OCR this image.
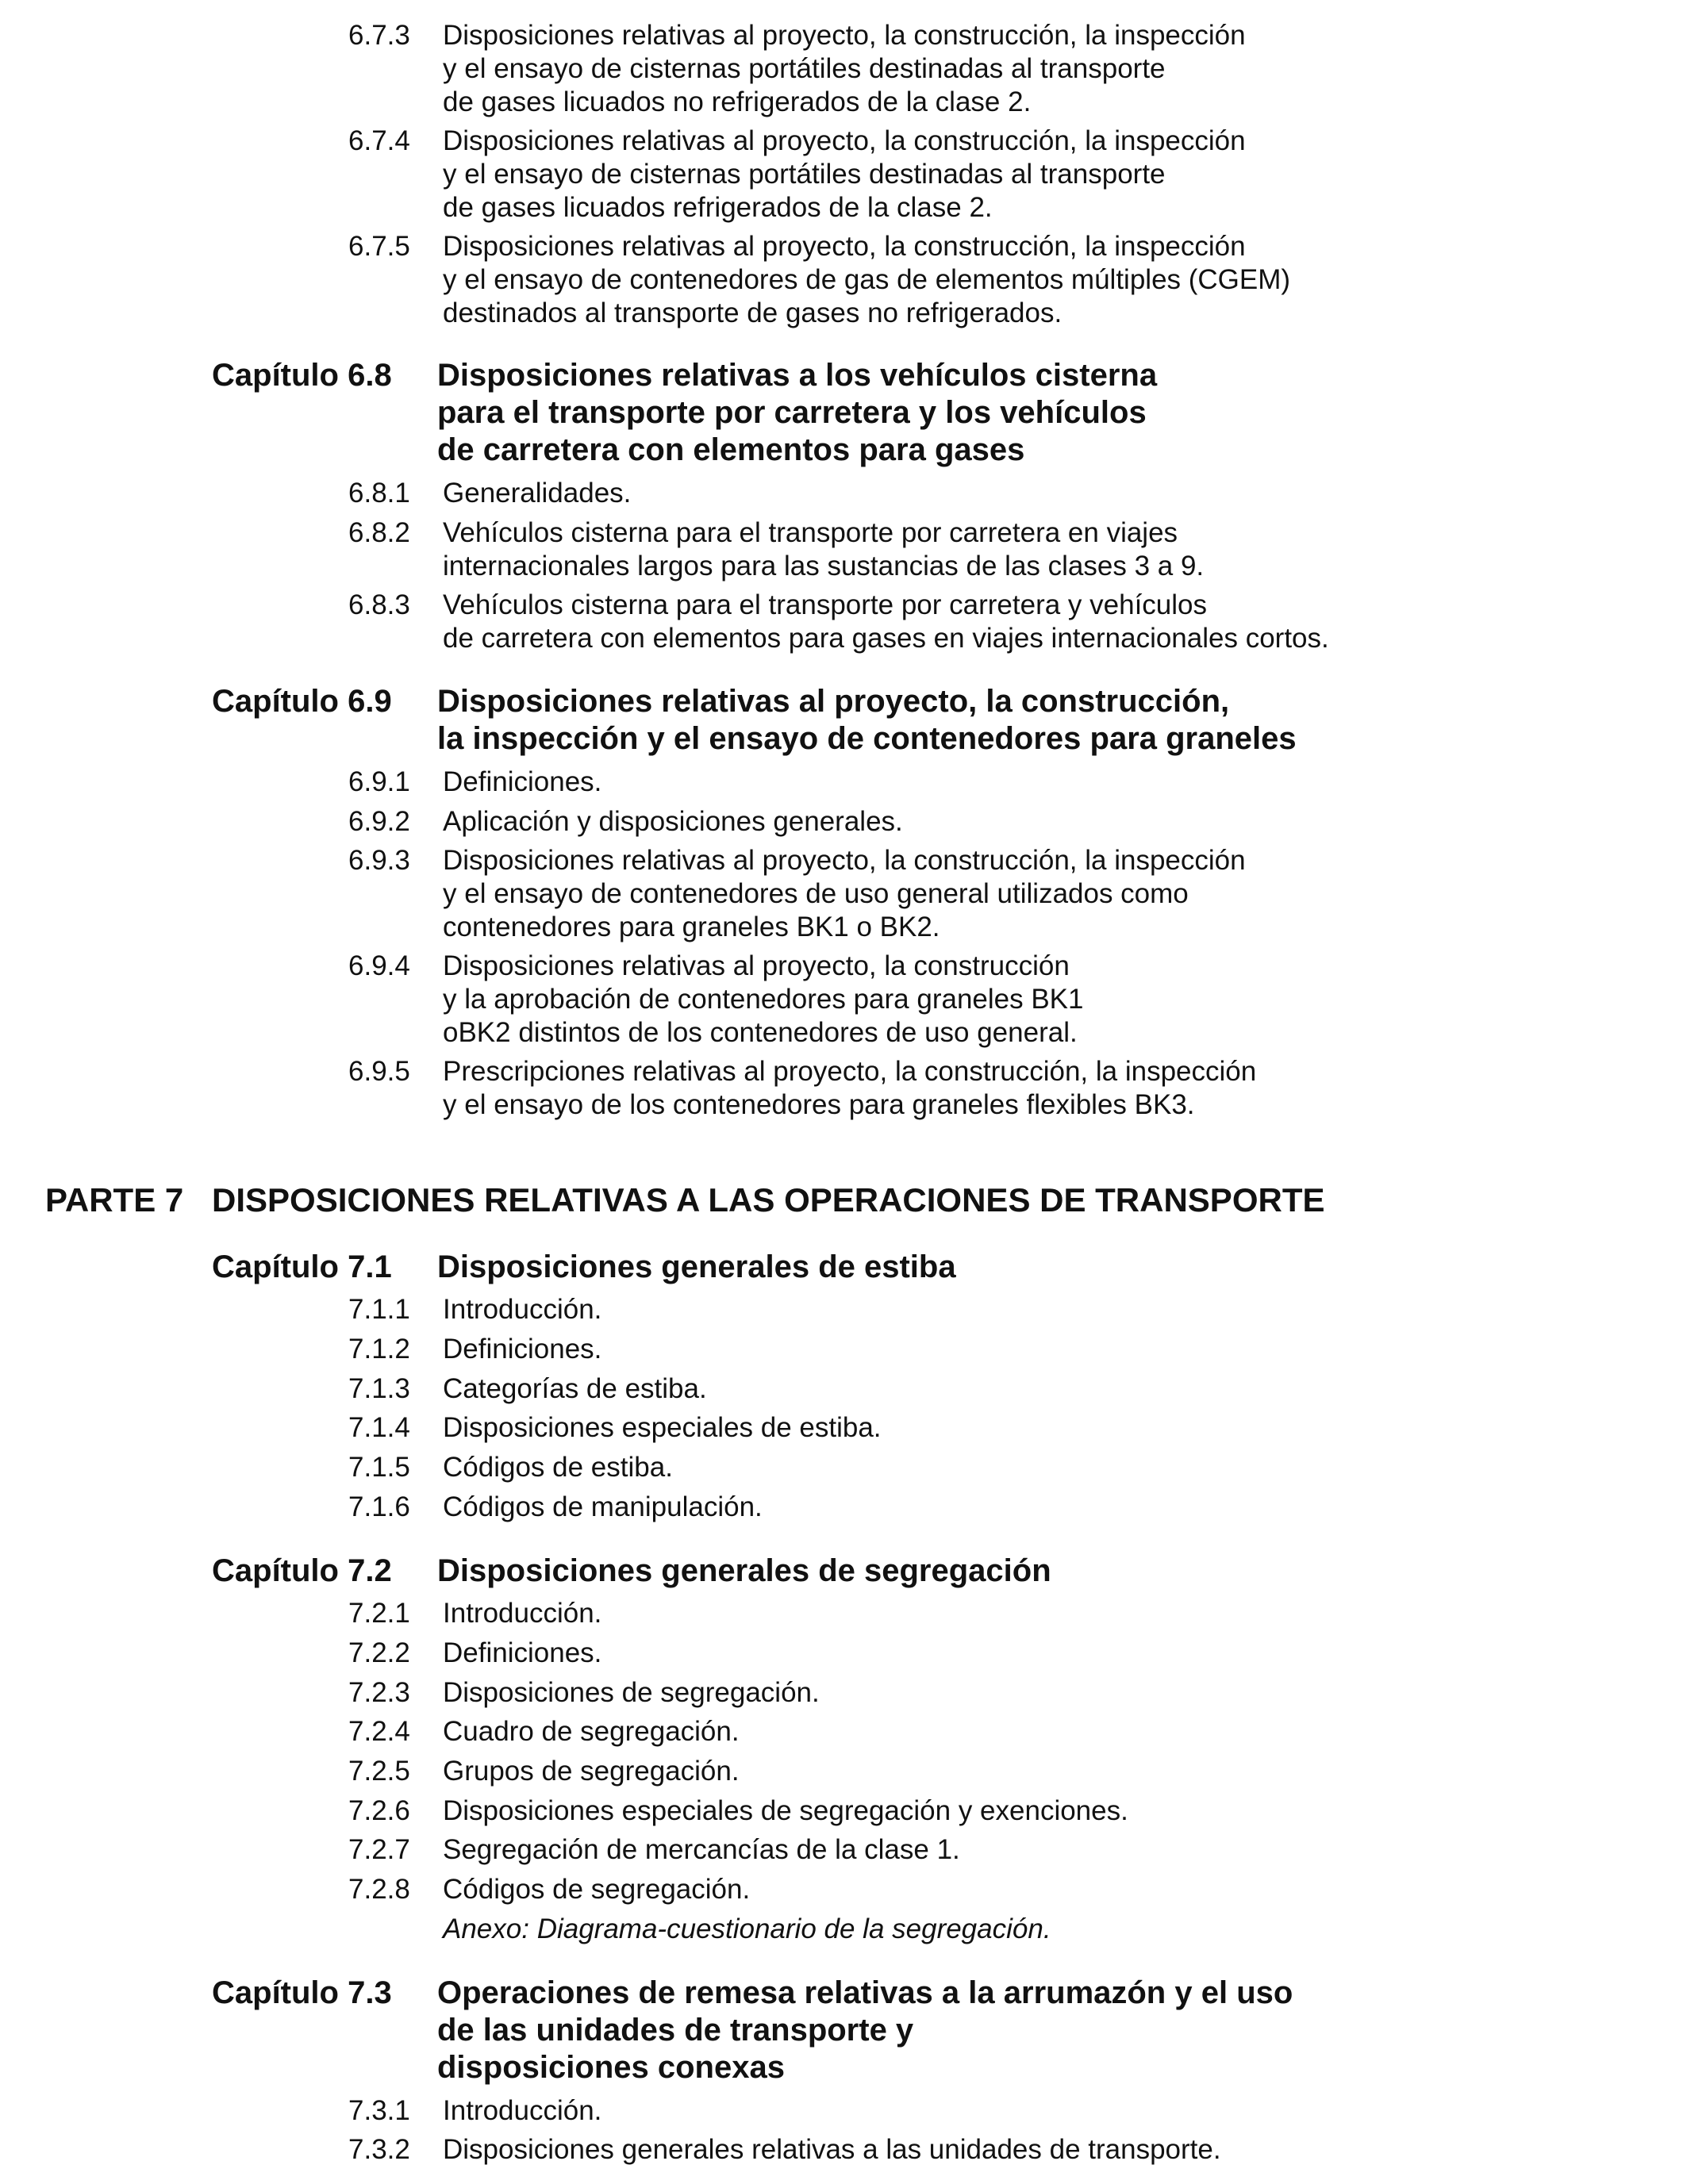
6.7.3 Disposiciones relativas al proyecto, la construcción, la inspección
y el ensayo de cisternas portátiles destinadas al transporte
de gases licuados no refrigerados de la clase 2.
6.7.4 Disposiciones relativas al proyecto, la construcción, la inspección
y el ensayo de cisternas portátiles destinadas al transporte
de gases licuados refrigerados de la clase 2.
6.7.5 Disposiciones relativas al proyecto, la construcción, la inspección
y el ensayo de contenedores de gas de elementos múltiples (CGEM)
destinados al transporte de gases no refrigerados.
Capítulo 6.8 Disposiciones relativas a los vehículos cisterna
para el transporte por carretera y los vehículos
de carretera con elementos para gases
6.8.1 Generalidades.
6.8.2 Vehículos cisterna para el transporte por carretera en viajes
internacionales largos para las sustancias de las clases 3 a 9.
6.8.3 Vehículos cisterna para el transporte por carretera y vehículos
de carretera con elementos para gases en viajes internacionales cortos.
Capítulo 6.9 Disposiciones relativas al proyecto, la construcción,
la inspección y el ensayo de contenedores para graneles
6.9.1 Definiciones.
6.9.2 Aplicación y disposiciones generales.
6.9.3 Disposiciones relativas al proyecto, la construcción, la inspección
y el ensayo de contenedores de uso general utilizados como
contenedores para graneles BK1 o BK2.
6.9.4 Disposiciones relativas al proyecto, la construcción
y la aprobación de contenedores para graneles BK1
oBK2 distintos de los contenedores de uso general.
6.9.5 Prescripciones relativas al proyecto, la construcción, la inspección
y el ensayo de los contenedores para graneles flexibles BK3.
PARTE 7 DISPOSICIONES RELATIVAS A LAS OPERACIONES DE TRANSPORTE
Capítulo 7.1 Disposiciones generales de estiba
7.1.1 Introducción.
7.1.2 Definiciones.
7.1.3 Categorías de estiba.
7.1.4 Disposiciones especiales de estiba.
7.1.5 Códigos de estiba.
7.1.6 Códigos de manipulación.
Capítulo 7.2 Disposiciones generales de segregación
7.2.1 Introducción.
7.2.2 Definiciones.
7.2.3 Disposiciones de segregación.
7.2.4 Cuadro de segregación.
7.2.5 Grupos de segregación.
7.2.6 Disposiciones especiales de segregación y exenciones.
7.2.7 Segregación de mercancías de la clase 1.
7.2.8 Códigos de segregación.
Anexo: Diagrama-cuestionario de la segregación.
Capítulo 7.3 Operaciones de remesa relativas a la arrumazón y el uso
de las unidades de transporte y
disposiciones conexas
7.3.1 Introducción.
7.3.2 Disposiciones generales relativas a las unidades de transporte.
